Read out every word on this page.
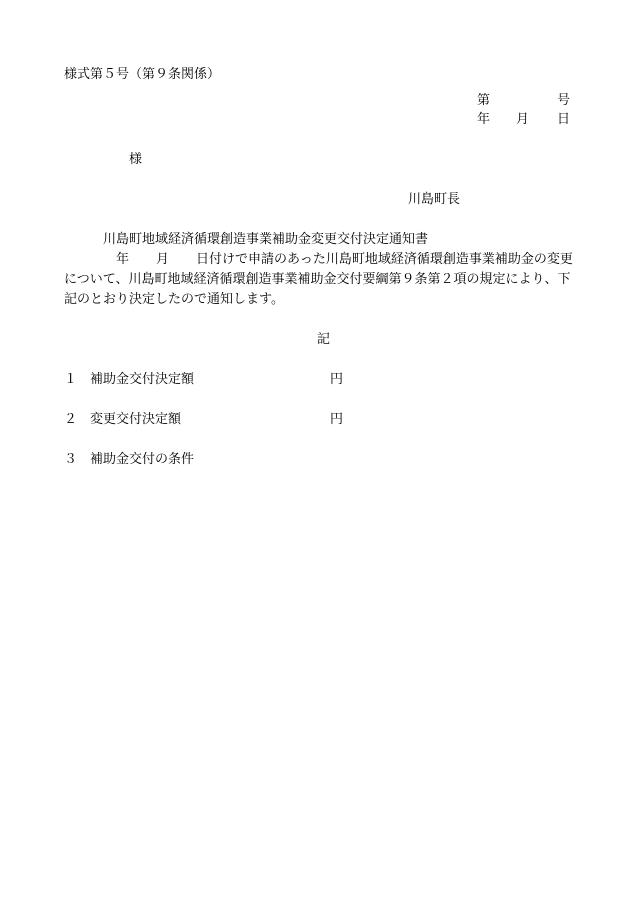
様式第５号（第９条関係）
第	号
年 月 日
様
川島町長
川島町地域経済循環創造事業補助金変更交付決定通知書
年 月 日付けで申請のあった川島町地域経済循環創造事業補助金の変更
について、川島町地域経済循環創造事業補助金交付要綱第９条第２項の規定により、下
記のとおり決定したので通知します。
記
１ 補助金交付決定額	円
２ 変更交付決定額	円
３ 補助金交付の条件
